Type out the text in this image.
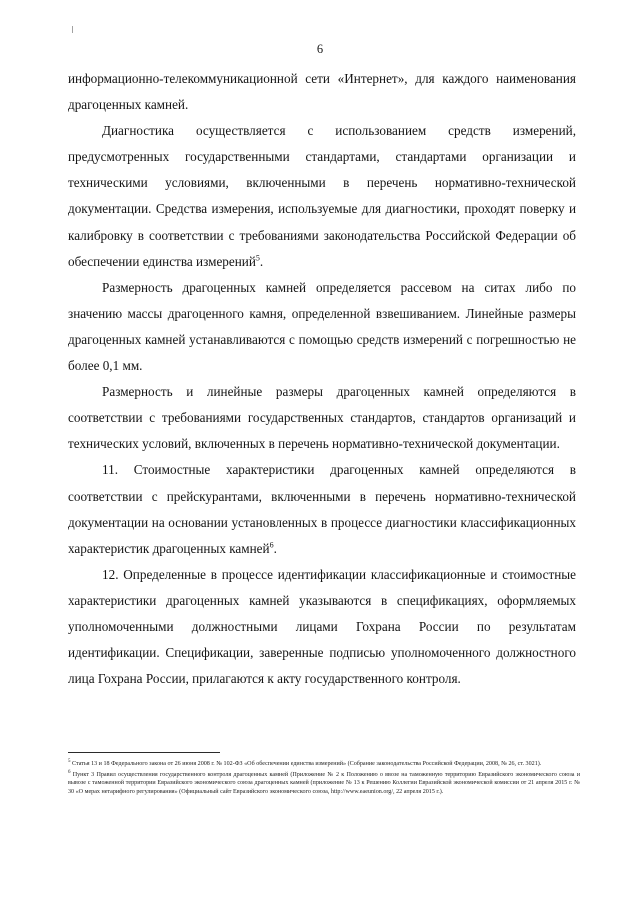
6

информационно-телекоммуникационной сети «Интернет», для каждого наименования драгоценных камней.

Диагностика осуществляется с использованием средств измерений, предусмотренных государственными стандартами, стандартами организации и техническими условиями, включенными в перечень нормативно-технической документации. Средства измерения, используемые для диагностики, проходят поверку и калибровку в соответствии с требованиями законодательства Российской Федерации об обеспечении единства измерений$^5$.

Размерность драгоценных камней определяется рассевом на ситах либо по значению массы драгоценного камня, определенной взвешиванием. Линейные размеры драгоценных камней устанавливаются с помощью средств измерений с погрешностью не более 0,1 мм.

Размерность и линейные размеры драгоценных камней определяются в соответствии с требованиями государственных стандартов, стандартов организаций и технических условий, включенных в перечень нормативно-технической документации.

11. Стоимостные характеристики драгоценных камней определяются в соответствии с прейскурантами, включенными в перечень нормативно-технической документации на основании установленных в процессе диагностики классификационных характеристик драгоценных камней$^6$.

12. Определенные в процессе идентификации классификационные и стоимостные характеристики драгоценных камней указываются в спецификациях, оформляемых уполномоченными должностными лицами Гохрана России по результатам идентификации. Спецификации, заверенные подписью уполномоченного должностного лица Гохрана России, прилагаются к акту государственного контроля.

$^5$ Статья 13 и 18 Федерального закона от 26 июня 2008 г. № 102-ФЗ «Об обеспечении единства измерений» (Собрание законодательства Российской Федерации, 2008, № 26, ст. 3021).

$^6$ Пункт 3 Правил осуществления государственного контроля драгоценных камней (Приложение № 2 к Положению о ввозе на таможенную территорию Евразийского экономического союза и вывозе с таможенной территории Евразийского экономического союза драгоценных камней (приложение № 13 к Решению Коллегии Евразийской экономической комиссии от 21 апреля 2015 г. № 30 «О мерах нетарифного регулирования» (Официальный сайт Евразийского экономического союза, http://www.eaeunion.org/, 22 апреля 2015 г.).
